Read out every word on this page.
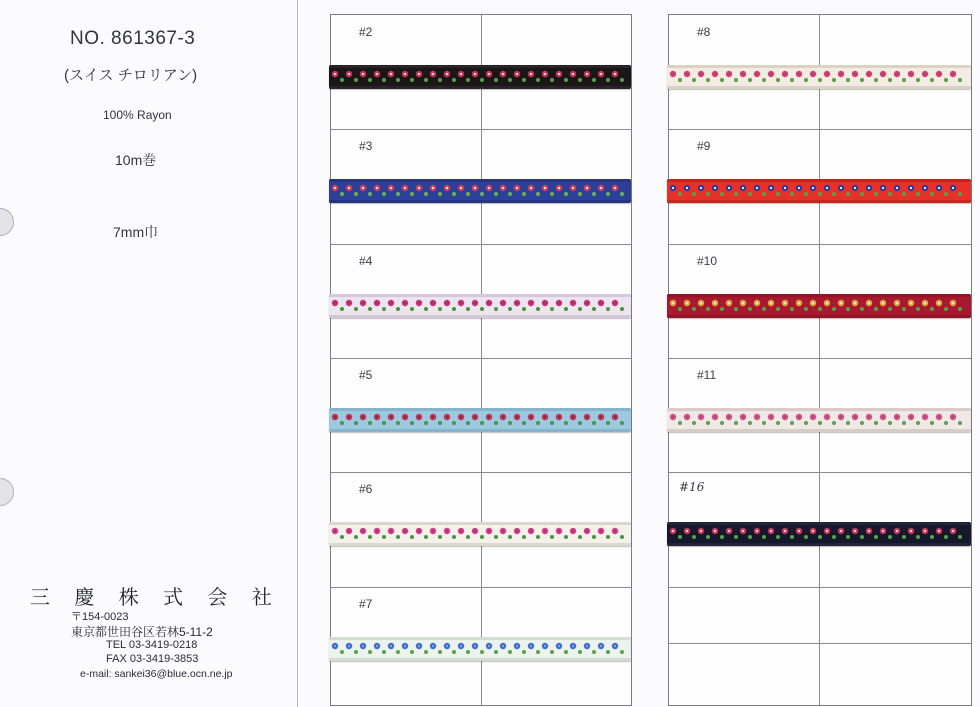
NO. 861367-3
(スイス チロリアン)
100% Rayon
10m巻
7mm巾
三 慶 株 式 会 社
〒154-0023
東京都世田谷区若林5-11-2
TEL 03-3419-0218
FAX 03-3419-3853
e-mail: sankei36@blue.ocn.ne.jp
#2
#3
#4
#5
#6
#7
#8
#9
#10
#11
#16
